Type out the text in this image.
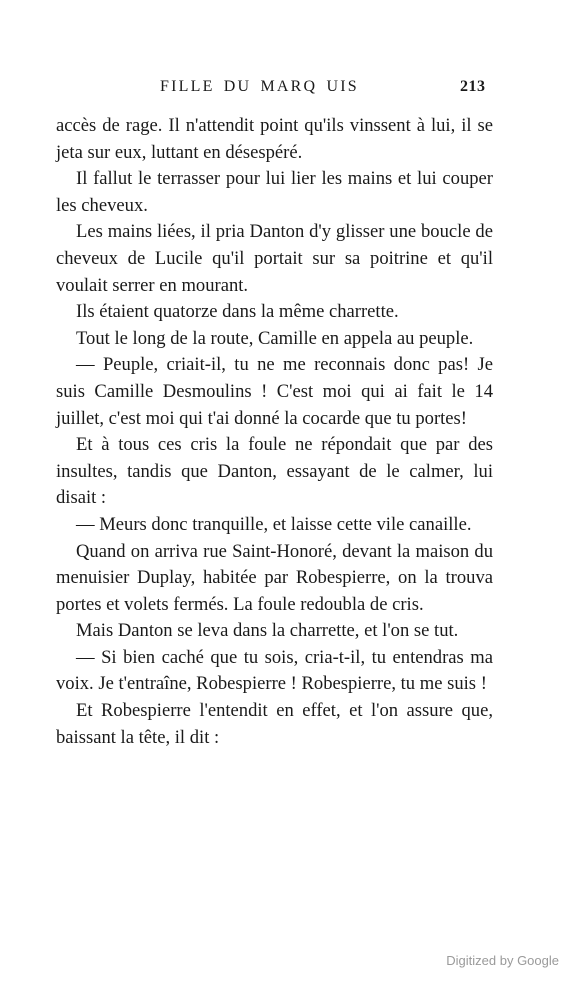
FILLE DU MARQ UIS	213

accès de rage. Il n'attendit point qu'ils vinssent à lui, il se jeta sur eux, luttant en désespéré.

Il fallut le terrasser pour lui lier les mains et lui couper les cheveux.

Les mains liées, il pria Danton d'y glisser une boucle de cheveux de Lucile qu'il portait sur sa poitrine et qu'il voulait serrer en mourant.

Ils étaient quatorze dans la même charrette.

Tout le long de la route, Camille en appela au peuple.

— Peuple, criait-il, tu ne me reconnais donc pas! Je suis Camille Desmoulins ! C'est moi qui ai fait le 14 juillet, c'est moi qui t'ai donné la cocarde que tu portes!

Et à tous ces cris la foule ne répondait que par des insultes, tandis que Danton, essayant de le calmer, lui disait :

— Meurs donc tranquille, et laisse cette vile canaille.

Quand on arriva rue Saint-Honoré, devant la maison du menuisier Duplay, habitée par Robespierre, on la trouva portes et volets fermés. La foule redoubla de cris.

Mais Danton se leva dans la charrette, et l'on se tut.

— Si bien caché que tu sois, cria-t-il, tu entendras ma voix. Je t'entraîne, Robespierre ! Robespierre, tu me suis !

Et Robespierre l'entendit en effet, et l'on assure que, baissant la tête, il dit :

Digitized by Google
